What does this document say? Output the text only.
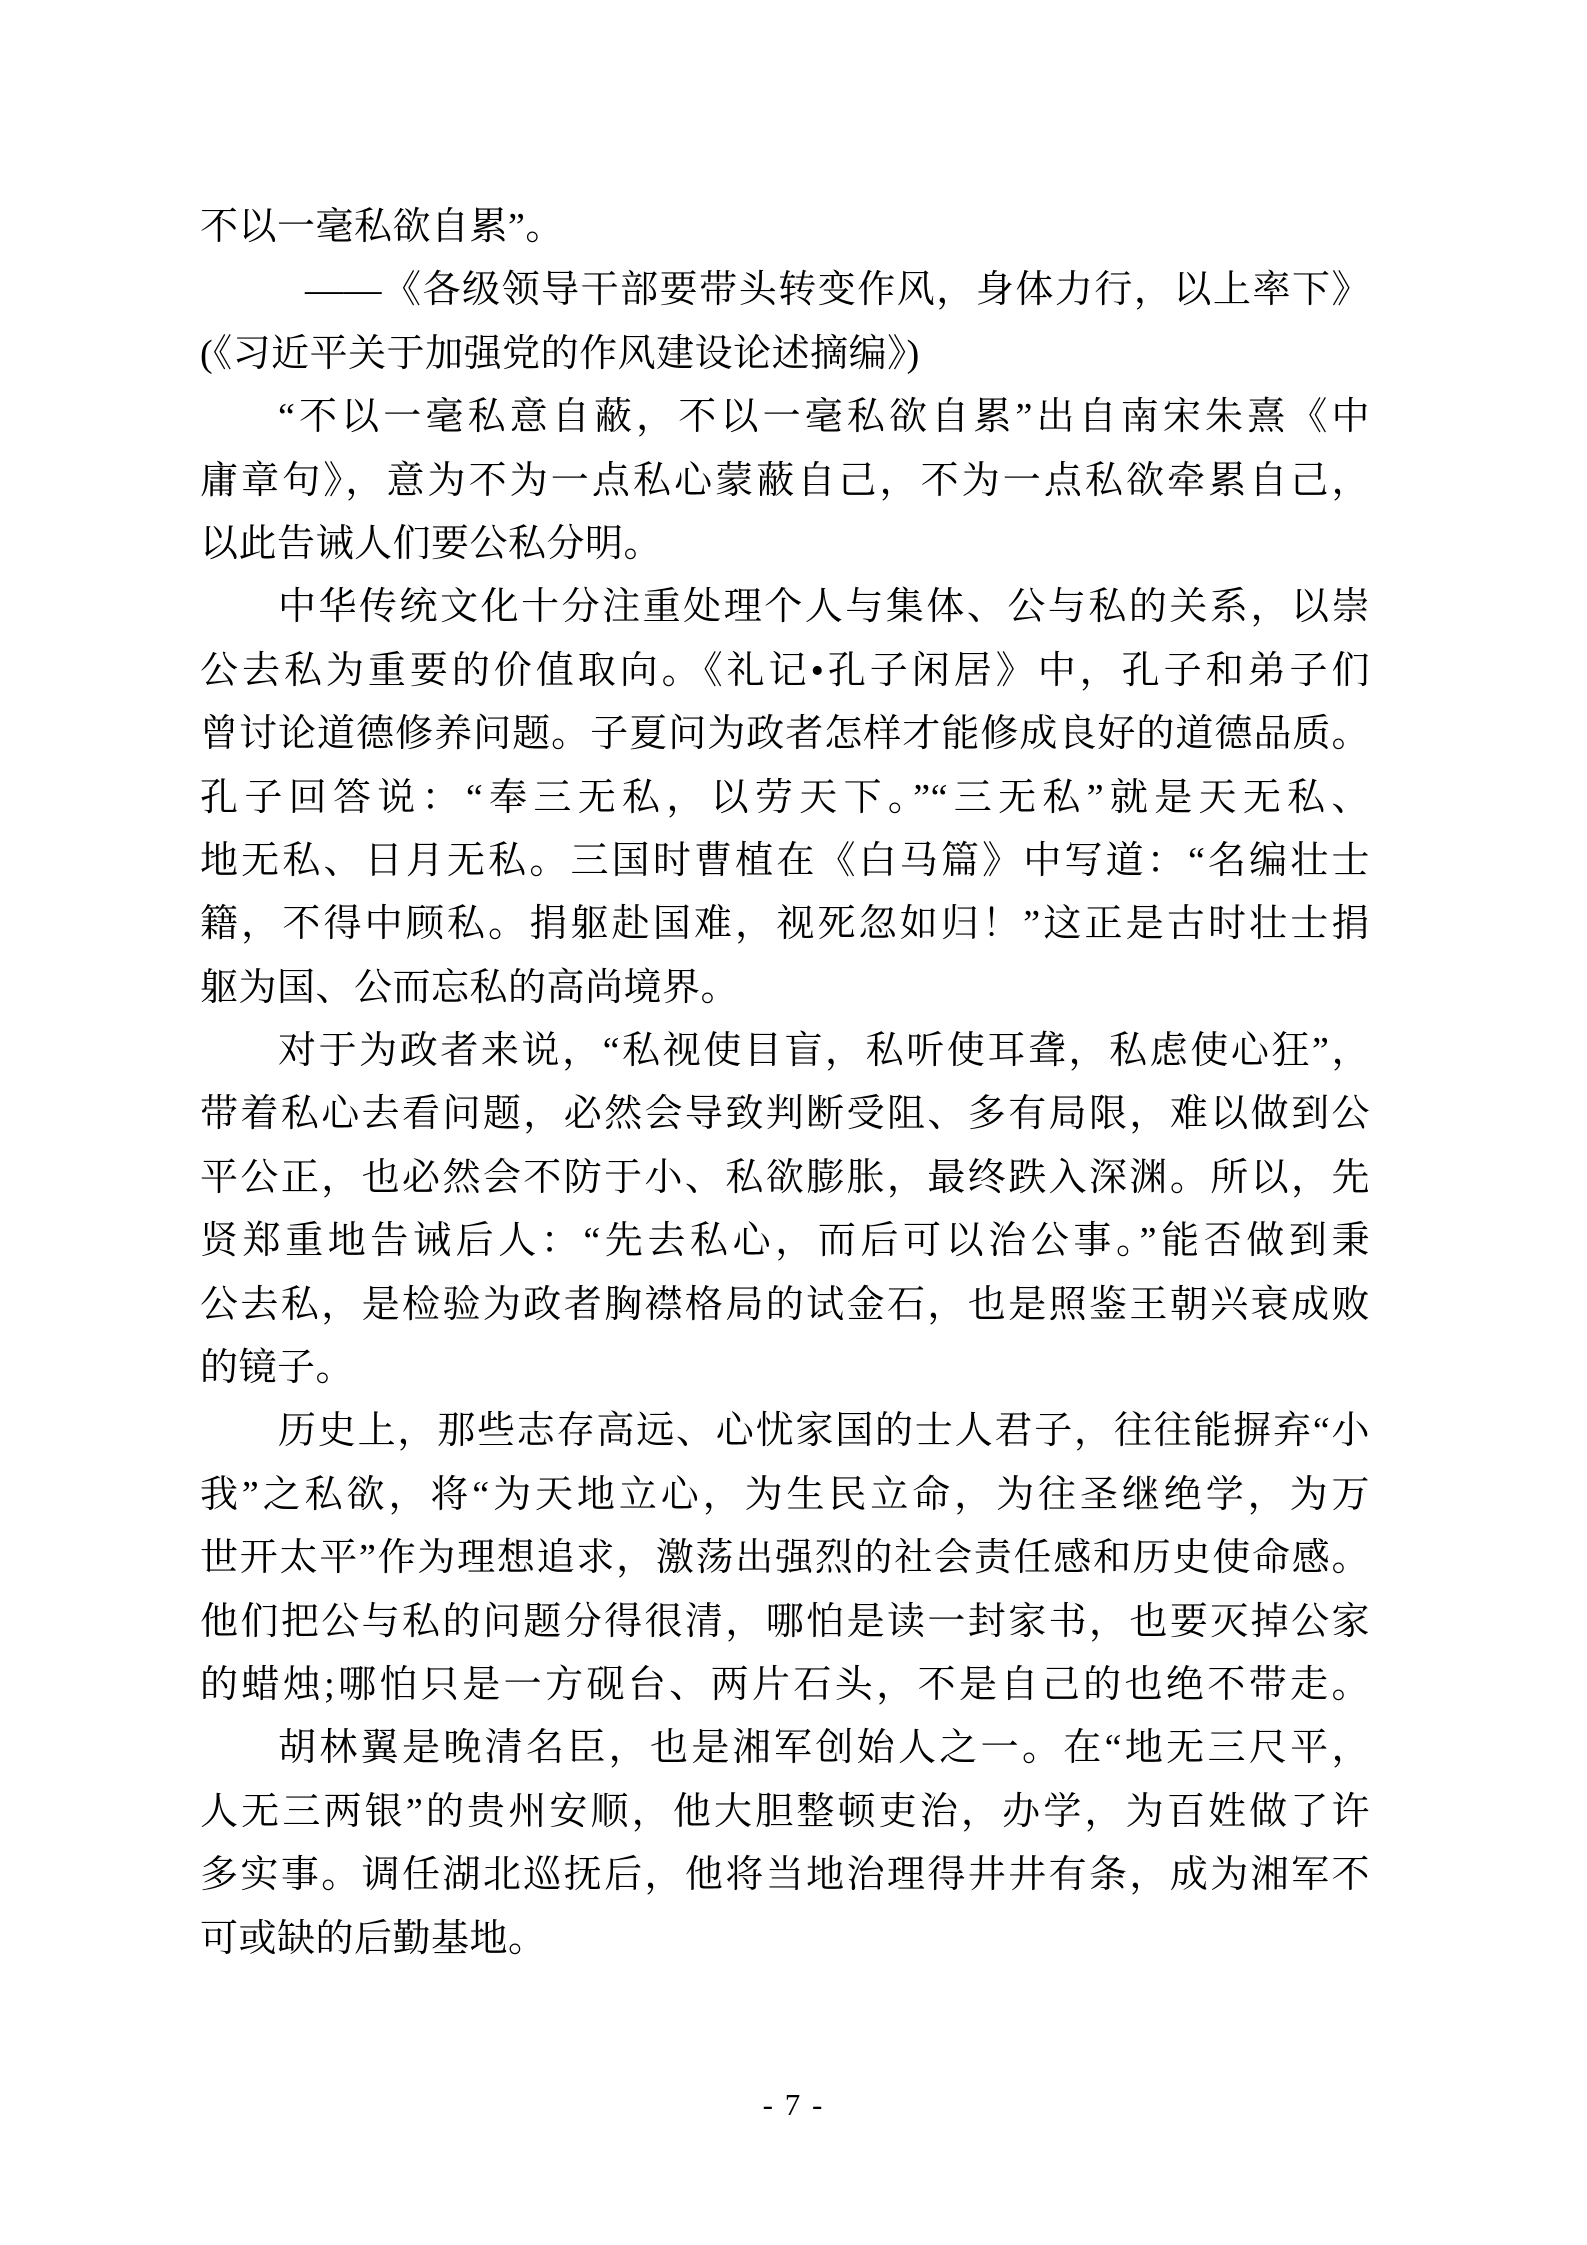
不以一毫私欲自累”。
——《各级领导干部要带头转变作风，身体力行，以上率下》
(《习近平关于加强党的作风建设论述摘编》)
“不以一毫私意自蔽，不以一毫私欲自累”出自南宋朱熹《中
庸章句》，意为不为一点私心蒙蔽自己，不为一点私欲牵累自己，
以此告诫人们要公私分明。
中华传统文化十分注重处理个人与集体、公与私的关系，以崇
公去私为重要的价值取向。《礼记•孔子闲居》中，孔子和弟子们
曾讨论道德修养问题。子夏问为政者怎样才能修成良好的道德品质。
孔子回答说：“奉三无私，以劳天下。”“三无私”就是天无私、
地无私、日月无私。三国时曹植在《白马篇》中写道：“名编壮士
籍，不得中顾私。捐躯赴国难，视死忽如归！”这正是古时壮士捐
躯为国、公而忘私的高尚境界。
对于为政者来说，“私视使目盲，私听使耳聋，私虑使心狂”，
带着私心去看问题，必然会导致判断受阻、多有局限，难以做到公
平公正，也必然会不防于小、私欲膨胀，最终跌入深渊。所以，先
贤郑重地告诫后人：“先去私心，而后可以治公事。”能否做到秉
公去私，是检验为政者胸襟格局的试金石，也是照鉴王朝兴衰成败
的镜子。
历史上，那些志存高远、心忧家国的士人君子，往往能摒弃“小
我”之私欲，将“为天地立心，为生民立命，为往圣继绝学，为万
世开太平”作为理想追求，激荡出强烈的社会责任感和历史使命感。
他们把公与私的问题分得很清，哪怕是读一封家书，也要灭掉公家
的蜡烛;哪怕只是一方砚台、两片石头，不是自己的也绝不带走。
胡林翼是晚清名臣，也是湘军创始人之一。在“地无三尺平，
人无三两银”的贵州安顺，他大胆整顿吏治，办学，为百姓做了许
多实事。调任湖北巡抚后，他将当地治理得井井有条，成为湘军不
可或缺的后勤基地。
- 7 -
